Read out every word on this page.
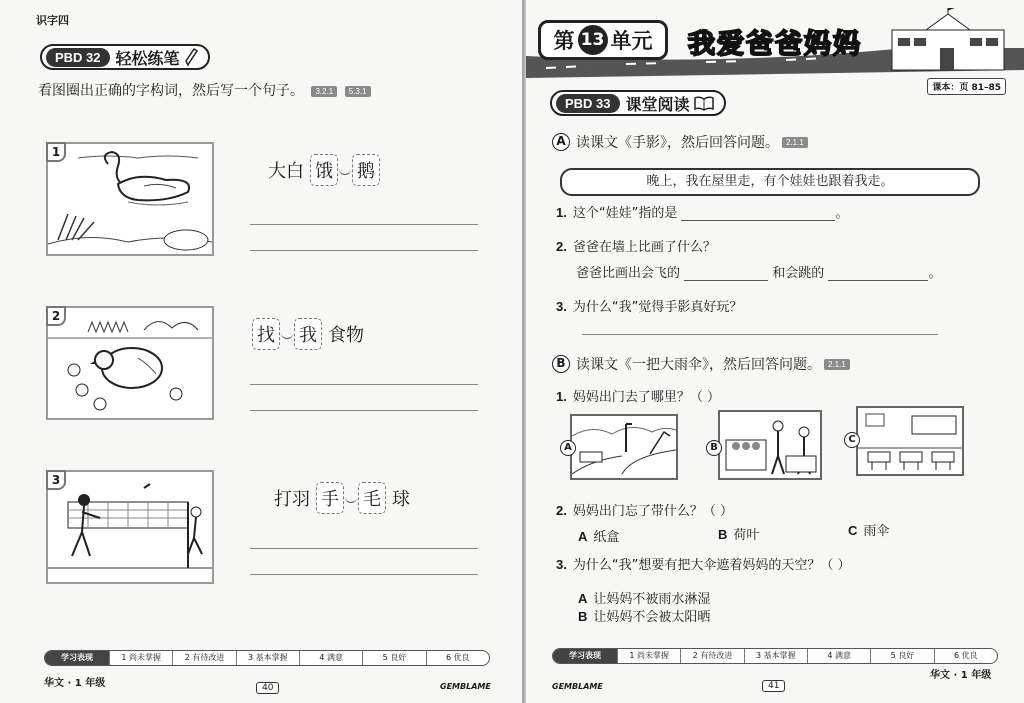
识字四
PBD 32 轻松练笔
看图圈出正确的字构词，然后写一个句子。 3.2.1 5.3.1
1
大白 饿 鹅
2
找 我 食物
3
打羽 手 毛 球
学习表现	1 尚未掌握	2 有待改进	3 基本掌握	4 满意	5 良好	6 优良
华文 · 1 年级	40	GEMBLAME
第 13 单元 我爱爸爸妈妈
课本：页 81–85
PBD 33 课堂阅读
A 读课文《手影》，然后回答问题。 2.1.1
晚上，我在屋里走，有个娃娃也跟着我走。
1. 这个“娃娃”指的是	。
2. 爸爸在墙上比画了什么？
爸爸比画出会飞的	和会跳的	。
3. 为什么“我”觉得手影真好玩？
B 读课文《一把大雨伞》，然后回答问题。 2.1.1
1. 妈妈出门去了哪里？（ ）
A	B
C
2. 妈妈出门忘了带什么？（ ）
A 纸盒	B 荷叶	C 雨伞
3. 为什么“我”想要有把大伞遮着妈妈的天空？（ ）
A 让妈妈不被雨水淋湿
B 让妈妈不会被太阳晒
学习表现	1 尚未掌握	2 有待改进	3 基本掌握	4 满意	5 良好	6 优良
华文 · 1 年级
41
GEMBLAME
